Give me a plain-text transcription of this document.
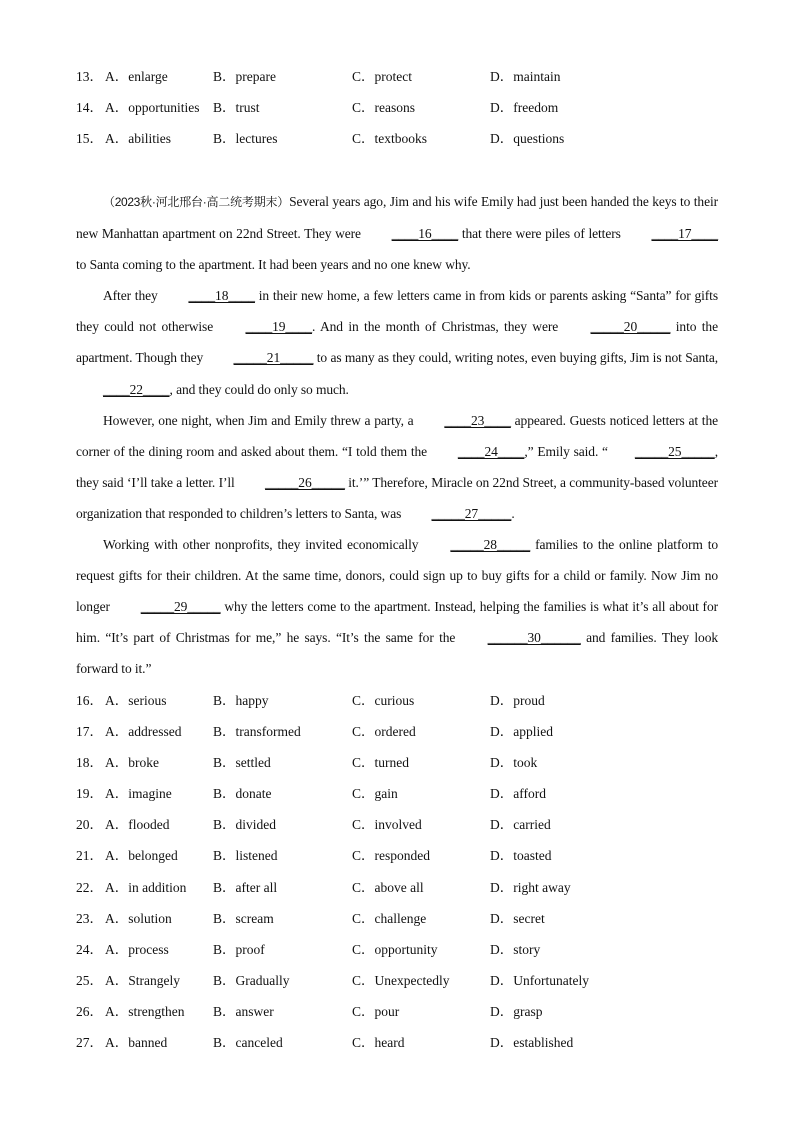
13． A．enlarge	B．prepare	C．protect	D．maintain
14． A．opportunities B．trust	C．reasons	D．freedom
15． A．abilities	B．lectures	C．textbooks	D．questions

（2023秋·河北邢台·高二统考期末）Several years ago, Jim and his wife Emily had just been handed the keys to their new Manhattan apartment on 22nd Street. They were ____16____ that there were piles of letters ____17____ to Santa coming to the apartment. It had been years and no one knew why.

After they ____18____ in their new home, a few letters came in from kids or parents asking “Santa” for gifts they could not otherwise ____19____. And in the month of Christmas, they were _____20_____ into the apartment. Though they _____21_____ to as many as they could, writing notes, even buying gifts, Jim is not Santa, ____22____, and they could do only so much.

However, one night, when Jim and Emily threw a party, a ____23____ appeared. Guests noticed letters at the corner of the dining room and asked about them. “I told them the ____24____,” Emily said. “ _____25_____, they said ‘I’ll take a letter. I’ll _____26_____ it.’” Therefore, Miracle on 22nd Street, a community-based volunteer organization that responded to children’s letters to Santa, was _____27_____.

Working with other nonprofits, they invited economically _____28_____ families to the online platform to request gifts for their children. At the same time, donors, could sign up to buy gifts for a child or family. Now Jim no longer _____29_____ why the letters come to the apartment. Instead, helping the families is what it’s all about for him. “It’s part of Christmas for me,” he says. “It’s the same for the ______30______ and families. They look forward to it.”

16． A．serious	B．happy	C．curious	D．proud
17． A．addressed B．transformed	C．ordered	D．applied
18． A．broke	B．settled	C．turned	D．took
19． A．imagine	B．donate	C．gain	D．afford
20． A．flooded	B．divided	C．involved	D．carried
21． A．belonged	B．listened	C．responded	D．toasted
22． A．in addition B．after all	C．above all	D．right away
23． A．solution	B．scream	C．challenge	D．secret
24． A．process	B．proof	C．opportunity	D．story
25． A．Strangely B．Gradually	C．Unexpectedly	D．Unfortunately
26． A．strengthen B．answer	C．pour	D．grasp
27． A．banned	B．canceled	C．heard	D．established
